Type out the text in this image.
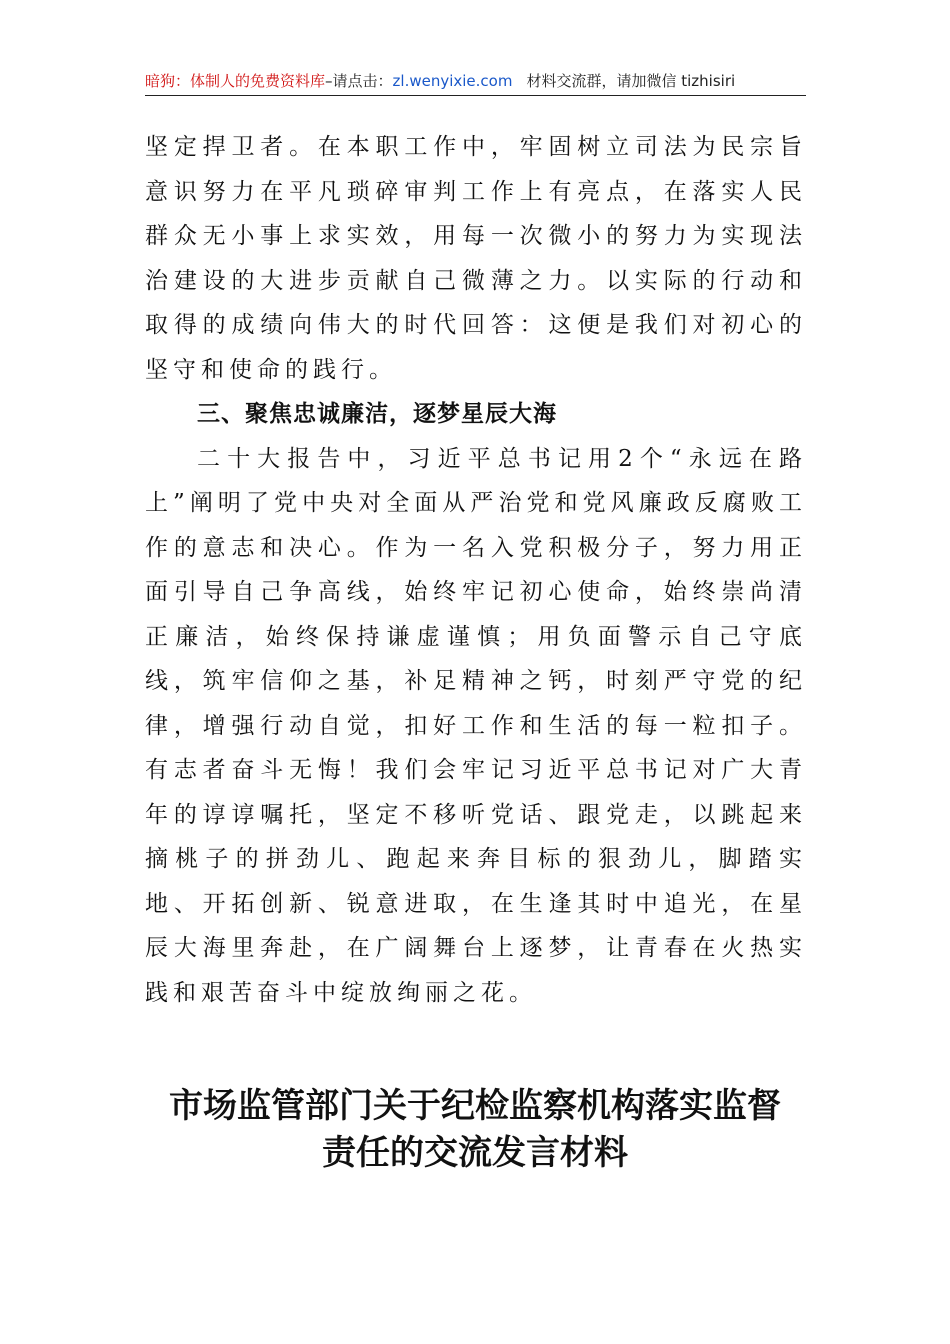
暗狗：体制人的免费资料库–请点击：zl.wenyixie.com 材料交流群，请加微信 tizhisiri

坚定捍卫者。在本职工作中，牢固树立司法为民宗旨意识努力在平凡琐碎审判工作上有亮点，在落实人民群众无小事上求实效，用每一次微小的努力为实现法治建设的大进步贡献自己微薄之力。以实际的行动和取得的成绩向伟大的时代回答：这便是我们对初心的坚守和使命的践行。

三、聚焦忠诚廉洁，逐梦星辰大海

二十大报告中，习近平总书记用2个“永远在路上”阐明了党中央对全面从严治党和党风廉政反腐败工作的意志和决心。作为一名入党积极分子，努力用正面引导自己争高线，始终牢记初心使命，始终崇尚清正廉洁，始终保持谦虚谨慎；用负面警示自己守底线，筑牢信仰之基，补足精神之钙，时刻严守党的纪律，增强行动自觉，扣好工作和生活的每一粒扣子。有志者奋斗无悔！我们会牢记习近平总书记对广大青年的谆谆嘱托，坚定不移听党话、跟党走，以跳起来摘桃子的拼劲儿、跑起来奔目标的狠劲儿，脚踏实地、开拓创新、锐意进取，在生逢其时中追光，在星辰大海里奔赴，在广阔舞台上逐梦，让青春在火热实践和艰苦奋斗中绽放绚丽之花。

市场监管部门关于纪检监察机构落实监督
责任的交流发言材料
